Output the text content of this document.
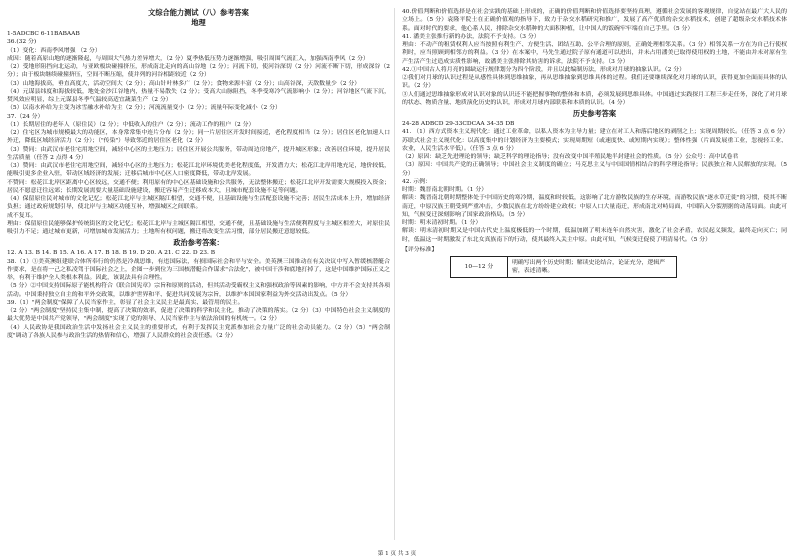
文综合能力测试（八）参考答案
地理

1-5ADCBC 6-11BABAAB

36.(32 分)

（1）变化：西南季风增强 （2 分）

成因：随着高原山地的逐渐隆起，与周围大气热力差异增大，（2 分）夏季热低压势力逐渐增强，吸引周围气流汇入，加强西南季风（2 分）

（2）受地形阻挡向北运动，与亚欧板块碰撞挤压，形成南北走向的高山谷地（2 分）；河流下切，使河谷深切（2 分）河流不断下切，形成深谷（2 分）；由于板块继续碰撞挤压，空间不断压缩，使并列的河谷相距较近（2 分）

（3）山地海拔高，垂直高度大，活动空间大（2 分）；高山针叶林多广（2 分）；食物来源丰富（2 分）；山高谷深，天敌数量少（2 分）

（4）元谋县纬度和海拔较低，地处金沙江谷地内，热量不易散失（2 分）；受高大山脉阻挡，冬季受寒冷气流影响小（2 分）；河谷地区气流下沉，焚风效应明显，综上元谋县冬季气温较高适宜蔬菜生产（2 分）

（5）以南水补给为主变为冰雪融水补给为主（2 分）；河流流量变小（2 分）；流量年际变化减小（2 分）

37.（24 分）

（1）长期居住的老年人（原住民）（2 分）；中低收入的住户（2 分）；流动工作的租户（2 分）

（2）住宅区为城市规模最大的功能区，本身常常集中连片分布（2 分）；同一片居住区开发时间接近，老化程度相当（2 分）；居住区老化加速人口外迁，降低区域经济活力（2 分）；（"传染"）导致邻近的居住区老化（2 分）

（3）赞同：由武汉市老住宅用地空间，减轻中心区的土地压力；居住区开展公共服务，带动周边房地产，提升城区形象；改善居住环境，提升居民生活质量（任答 2 点得 4 分）

（3）赞同：由武汉市老住宅用地空间，减轻中心区的土地压力；松花江北岸环境优美老化程度低，开发潜力大；松花江北岸用地充足，地价较低，能吸引更多企业入驻，带动区域经济的发展；迁移后城市中心区人口密度降低，带动北岸发展。

不赞同：松花江北岸区距离中心区较远，交通不便；利用原有的中心区基础设施和公共服务，无法整体搬迁；松花江北岸开发需要大规模投入资金；居民不愿意迁往远郊；长期发展需要大量基础设施建设，搬迁容易产生迁移成本大，且城市配套设施不足等问题。

（4）保留原住民对城市的文化记忆；松花江北岸与主城区隔江相望，交通不便，且基础设施与生活配套设施不完善；居民生活成本上升，增加经济负担；通过政府规划引导，使北岸与主城区功能互补，增强城区之间联系。

成不复耳。

理由：保留原住民能够保护传统街区的文化记忆；松花江北岸与主城区隔江相望，交通不便，且基础设施与生活便利程度与主城区相差大，对原住民吸引力不足；通过城市更新，可增加城市发展活力；土地所有权问题，搬迁将改变生活习惯，部分居民搬迁意愿较低。

政治参考答案：

12. A 13. B 14. B 15. A 16. A 17. B 18. B 19. D 20. A 21. C 22. D 23. B

38.（1）①美英澳组建联合体所奉行的仍然是冷战思维，有违国际法，有损国际社会和平与安全。美英澳三国推动在有关决议中写入暂缓核潜艇合作要求，是在将一己之私凌驾于国际社会之上，企图一步到位为三国核潜艇合作谋求"合法化"，被中国干涉和底地打掉了，这是中国维护国际正义之举，有利于维护全人类根本利益。因此，该说法具有合理性。

（5 分）②中国支持国际原子能机构符合《联合国宪章》宗旨和原则的活动，但其活动受霸权主义和强权政治等因素的影响，中方并不会支持其各项活动。中国秉持独立自主的和平外交政策，以维护世界和平、促进共同发展为宗旨，以维护本国国家利益为外交活动出发点。（5 分）

39.（1）"两会制度"保障了人民当家作主，彰显了社会主义民主是最真实、最管用的民主。

（2 分）"两会制度"坚持民主集中制，提高了决策的效率，促进了决策的科学和民主化，推动了决策的落实。（2 分）（3）中国特色社会主义制度的最大优势是中国共产党领导，"两会制度"实现了党的领导、人民当家作主与依法治国的有机统一。（2 分）

（4）人民政协是我国政治生活中发扬社会主义民主的重要形式，有利于发挥民主党派参加社会力量广泛的社会动员能力。（2 分）（5）"两会制度"调动了各族人民参与政治生活的热情和信心，增强了人民群众的社会责任感。（2 分）

40.价值判断和价值选择是在社会实践的基础上形成的，正确的价值判断和价值选择要坚持真理，遵循社会发展的客观规律，自觉站在最广大人民的立场上。（5 分）袁隆平院士在正确价值观的指导下，致力于杂交水稻研究和推广，发展了高产优质的杂交水稻技术，创建了超级杂交水稻技术体系。面对时代的要求，他心系人民，排除杂交水稻种的大面积种植，让中国人的饭碗牢牢端在自己手里。（5 分）

41. 潘美主张推行新的办法，法院不予支持。（3 分）

理由：不动产的租赁权利人应当按照有利生产、方便生活、团结互助、公平合理的原则，正确处理相邻关系。（3 分）相邻关系一方在为自己行使权利时，应当照顾到相邻方的利益。（3 分）在本案中，马先生通过院子原有通道可以进出，并未占用潘美已取得使用权的土地，不能由并未对原有生产生活产生过造成实质性影响，故潘美主张排除其妨害的诉求，法院不予支持。（3 分）

42.①中国古人将月亮的圆缺运行规律划分为四个阶段，并且以此编制历法，形成对月球的抽象认识。（2 分）

②我们对月球的认识过程是从感性具体到思维抽象，再从思维抽象到思维具体的过程。我们还要继续深化对月球的认识，获得更加全面而具体的认识。（2 分）

③人们通过思维抽象形成对认识对象的认识还不能把握事物的整体和本质，必须发展到思维具体。中国通过实践探月工程三步走任务，深化了对月球的状态、物质含量、地质演化历史的认识，形成对月球内部联系和本质的认识。（4 分）

历史参考答案

24-28 ADBCD 29-33CDCAA 34-35 DB

41. （1）西方式资本主义现代化：通过工业革命，以私人资本为主导力量；建立在对工人和落后地区的剥削之上；实现周期较长。（任答 3 点 6 分）

苏联式社会主义现代化：以高度集中的计划经济为主要模式；实现周期短（或速度快、或短期内实现）；整体性强（片面发展重工业，忽视轻工业、农业，人民生活水平低）。（任答 3 点 6 分）

（2）原因：缺乏先进理论的领导；缺乏科学的理论指导；没有改变中国半殖民地半封建社会的性质。（5 分）公众号：高中试卷君

（3）原因：中国共产党的正确领导；中国社会主义制度的确立；马克思主义与中国国情相结合的科学理论指导；民族独立和人民解放的实现。（5 分）

42. 示例：

时期：魏晋南北朝时期。（1 分）

解读：魏晋南北朝时期整体处于中国历史的寒冷期，温度和时较低，这影响了北方游牧民族的生存环境，而游牧民族"逐水草迁徙"的习惯，使其不断南迁，中原汉族王朝受到严重冲击，少数民族在北方纷纷建立政权；中原人口大量南迁，形成南北对峙局面，中国陷入分裂割据的动荡局面。由此可知，气候变迁深刻影响了国家政治格局。（5 分）

时期：明末清初时期。（1 分）

解读：明末清初时期又是中国古代史上温度极低的一个时期，低温加剧了明末连年自然灾害，激化了社会矛盾，农民起义频发，最终走向灭亡；同时，低温这一时期激发了东北女真族南下的行动，使其最终入关主中原。由此可知，气候变迁促使了明清易代。（5 分）

【评分标准】
10—12 分	明确写出两个历史时期；解读史论结合，论证充分，逻辑严密，表述清晰。
第 1 页 共 3 页
